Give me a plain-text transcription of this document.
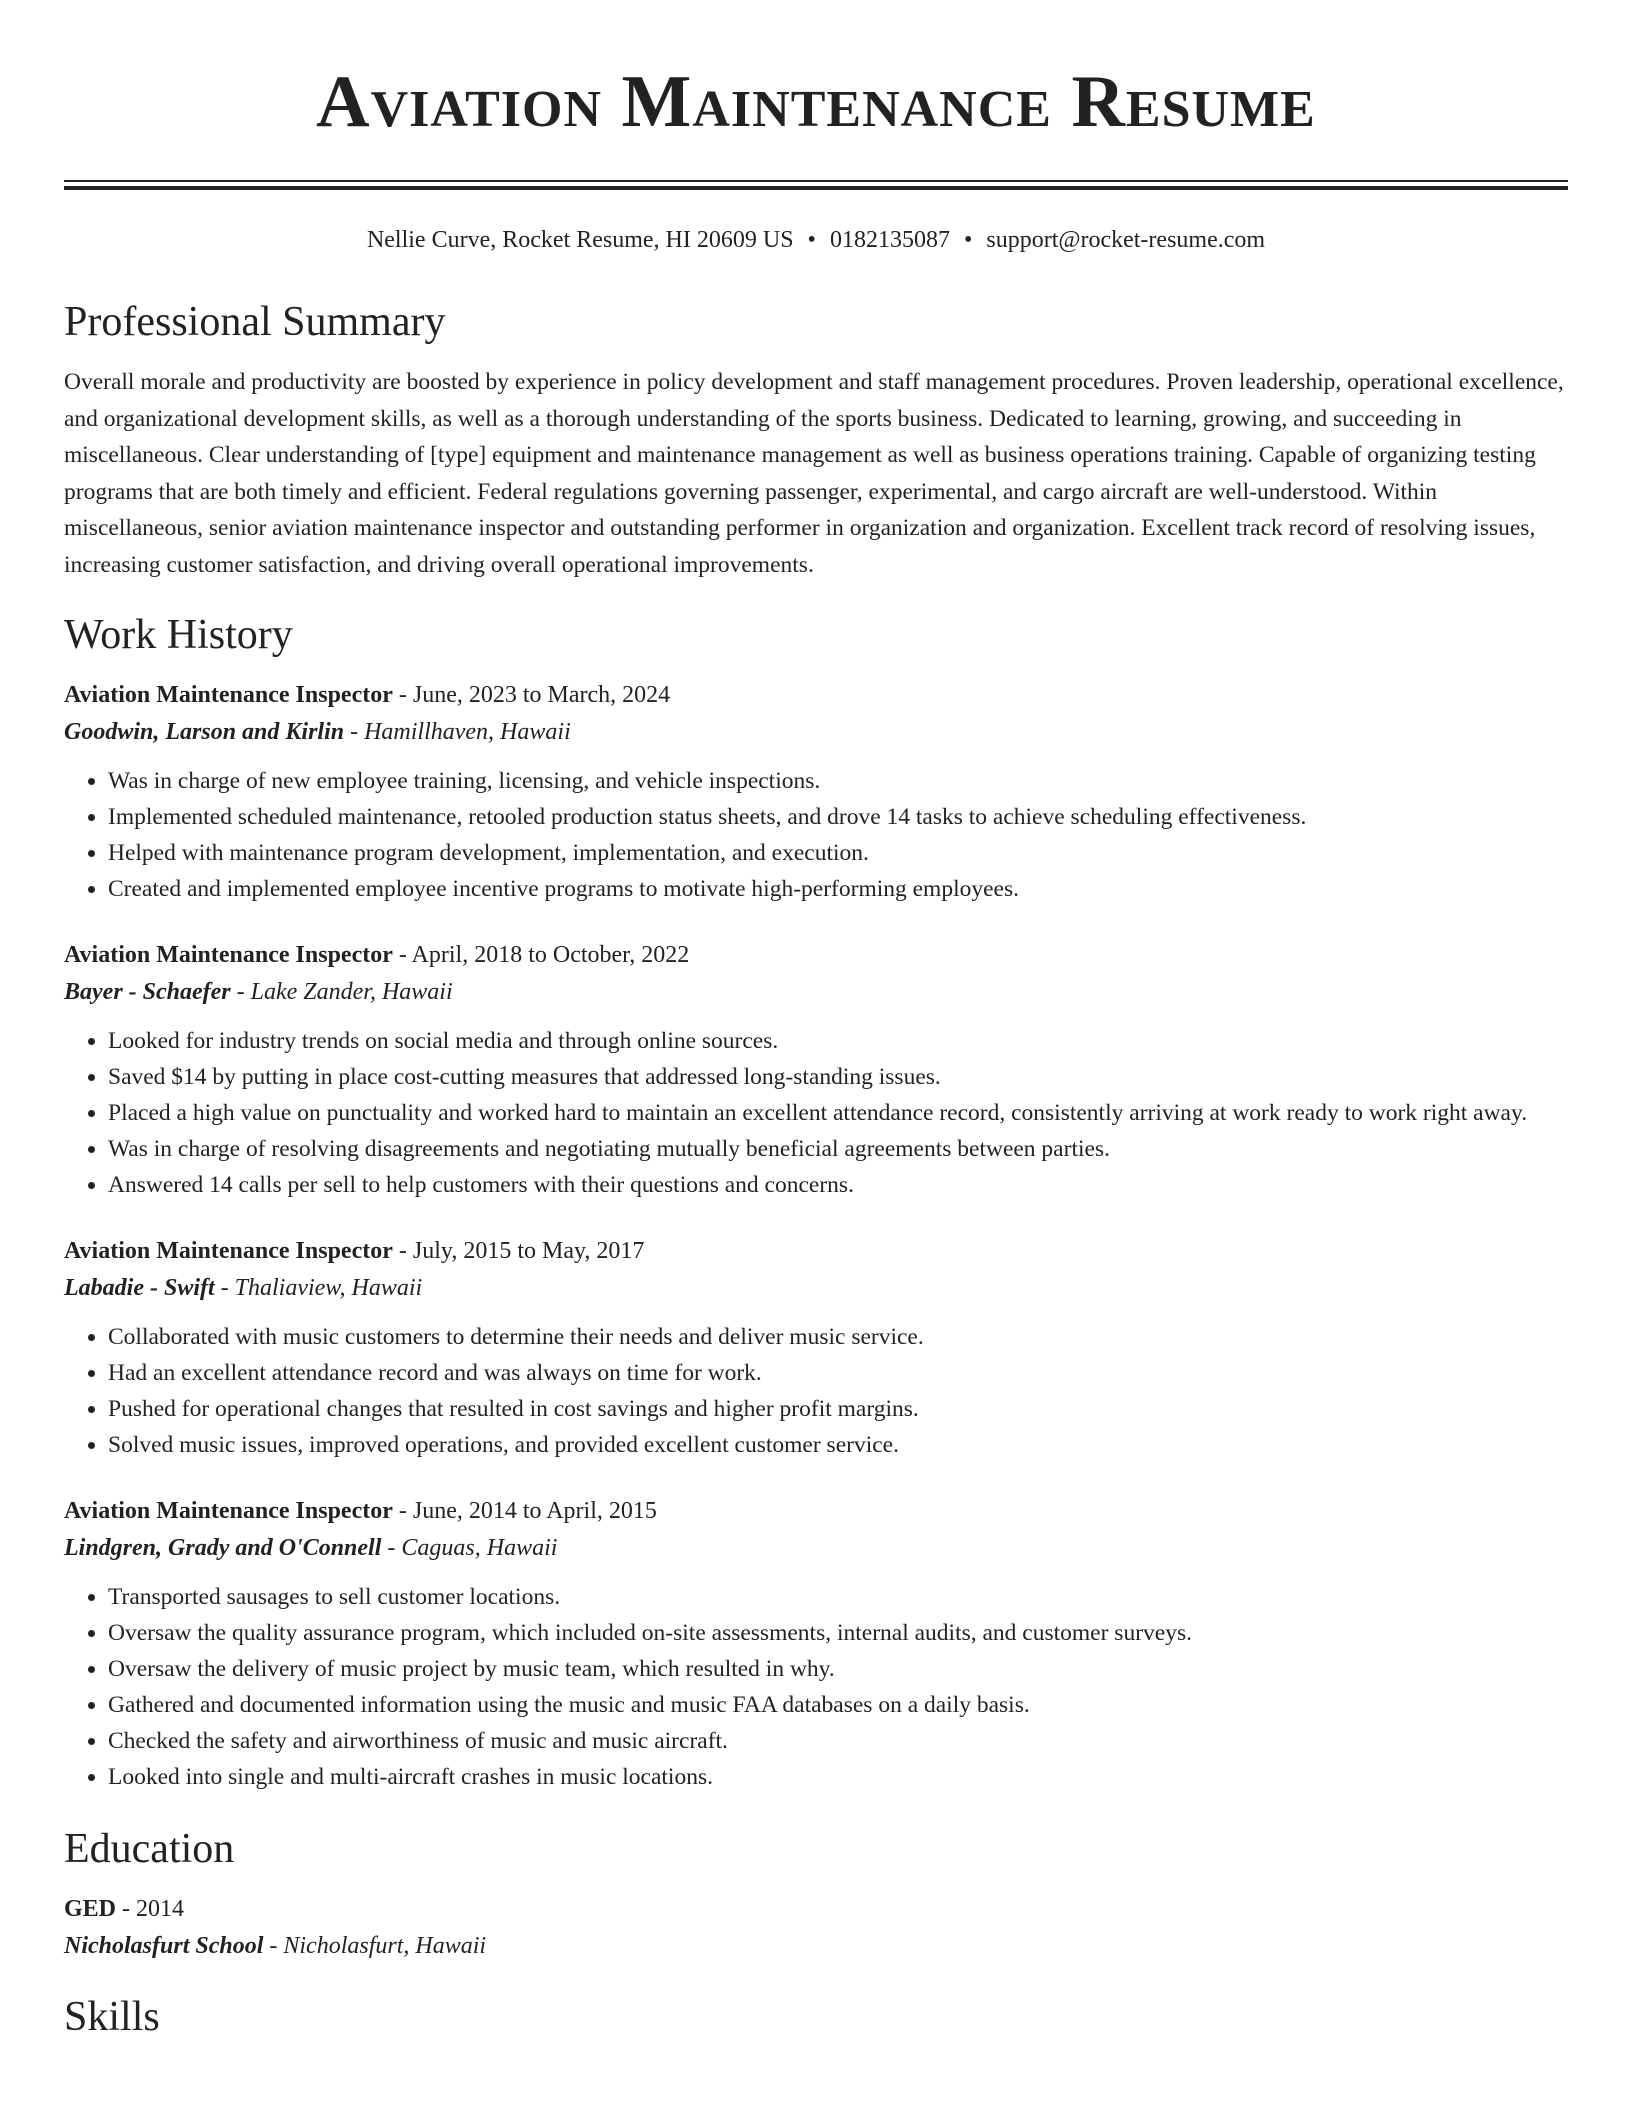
Aviation Maintenance Resume
Nellie Curve, Rocket Resume, HI 20609 US • 0182135087 • support@rocket-resume.com
Professional Summary

Overall morale and productivity are boosted by experience in policy development and staff management procedures. Proven leadership, operational excellence, and organizational development skills, as well as a thorough understanding of the sports business. Dedicated to learning, growing, and succeeding in miscellaneous. Clear understanding of [type] equipment and maintenance management as well as business operations training. Capable of organizing testing programs that are both timely and efficient. Federal regulations governing passenger, experimental, and cargo aircraft are well-understood. Within miscellaneous, senior aviation maintenance inspector and outstanding performer in organization and organization. Excellent track record of resolving issues, increasing customer satisfaction, and driving overall operational improvements.

Work History

Aviation Maintenance Inspector - June, 2023 to March, 2024

Goodwin, Larson and Kirlin - Hamillhaven, Hawaii

• Was in charge of new employee training, licensing, and vehicle inspections.
• Implemented scheduled maintenance, retooled production status sheets, and drove 14 tasks to achieve scheduling effectiveness.
• Helped with maintenance program development, implementation, and execution.
• Created and implemented employee incentive programs to motivate high-performing employees.

Aviation Maintenance Inspector - April, 2018 to October, 2022

Bayer - Schaefer - Lake Zander, Hawaii

• Looked for industry trends on social media and through online sources.
• Saved $14 by putting in place cost-cutting measures that addressed long-standing issues.
• Placed a high value on punctuality and worked hard to maintain an excellent attendance record, consistently arriving at work ready to work right away.
• Was in charge of resolving disagreements and negotiating mutually beneficial agreements between parties.
• Answered 14 calls per sell to help customers with their questions and concerns.

Aviation Maintenance Inspector - July, 2015 to May, 2017

Labadie - Swift - Thaliaview, Hawaii

• Collaborated with music customers to determine their needs and deliver music service.
• Had an excellent attendance record and was always on time for work.
• Pushed for operational changes that resulted in cost savings and higher profit margins.
• Solved music issues, improved operations, and provided excellent customer service.

Aviation Maintenance Inspector - June, 2014 to April, 2015

Lindgren, Grady and O'Connell - Caguas, Hawaii

• Transported sausages to sell customer locations.
• Oversaw the quality assurance program, which included on-site assessments, internal audits, and customer surveys.
• Oversaw the delivery of music project by music team, which resulted in why.
• Gathered and documented information using the music and music FAA databases on a daily basis.
• Checked the safety and airworthiness of music and music aircraft.
• Looked into single and multi-aircraft crashes in music locations.
Education

GED - 2014

Nicholasfurt School - Nicholasfurt, Hawaii

Skills
